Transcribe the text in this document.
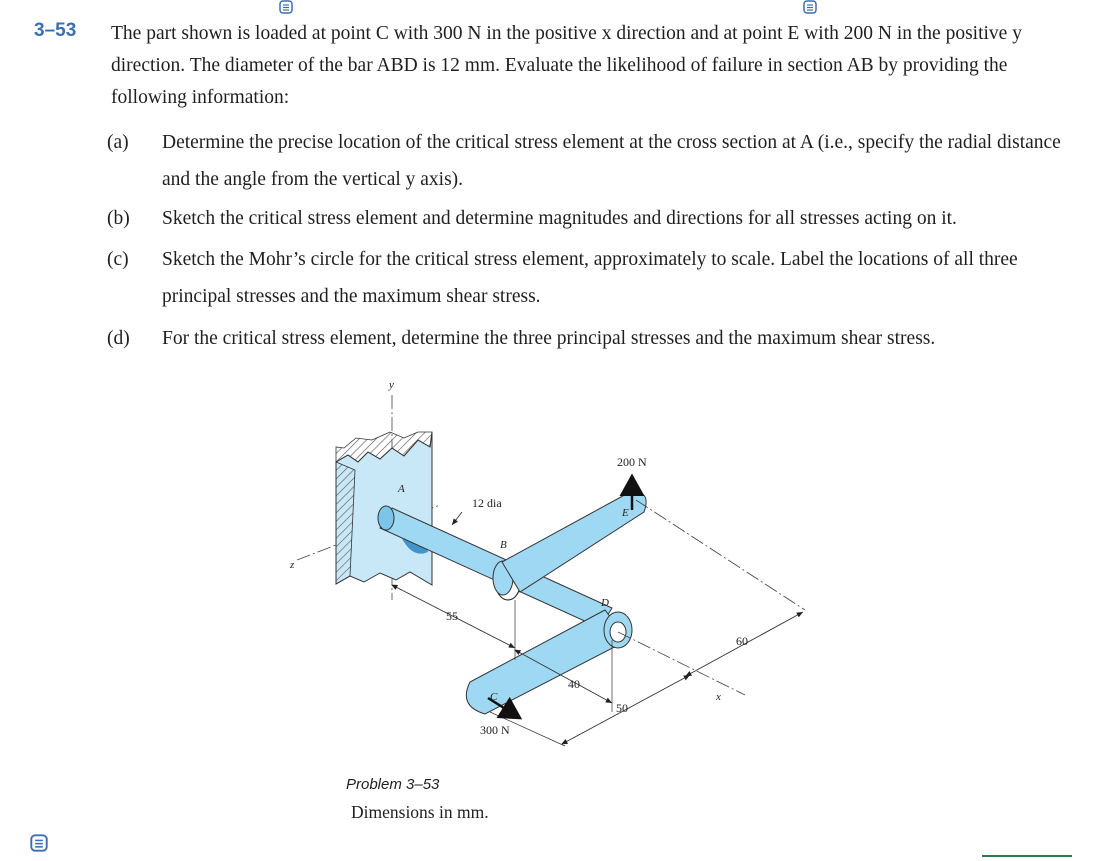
3–53 The part shown is loaded at point C with 300 N in the positive x direction and at point E with 200 N in the positive y direction. The diameter of the bar ABD is 12 mm. Evaluate the likelihood of failure in section AB by providing the following information:
(a) Determine the precise location of the critical stress element at the cross section at A (i.e., specify the radial distance and the angle from the vertical y axis).
(b) Sketch the critical stress element and determine magnitudes and directions for all stresses acting on it.
(c) Sketch the Mohr’s circle for the critical stress element, approximately to scale. Label the locations of all three principal stresses and the maximum shear stress.
(d) For the critical stress element, determine the three principal stresses and the maximum shear stress.
y
z
x
A
B
C
D
E
12 dia
200 N
300 N
55
40
50
60
Problem 3–53
Dimensions in mm.
